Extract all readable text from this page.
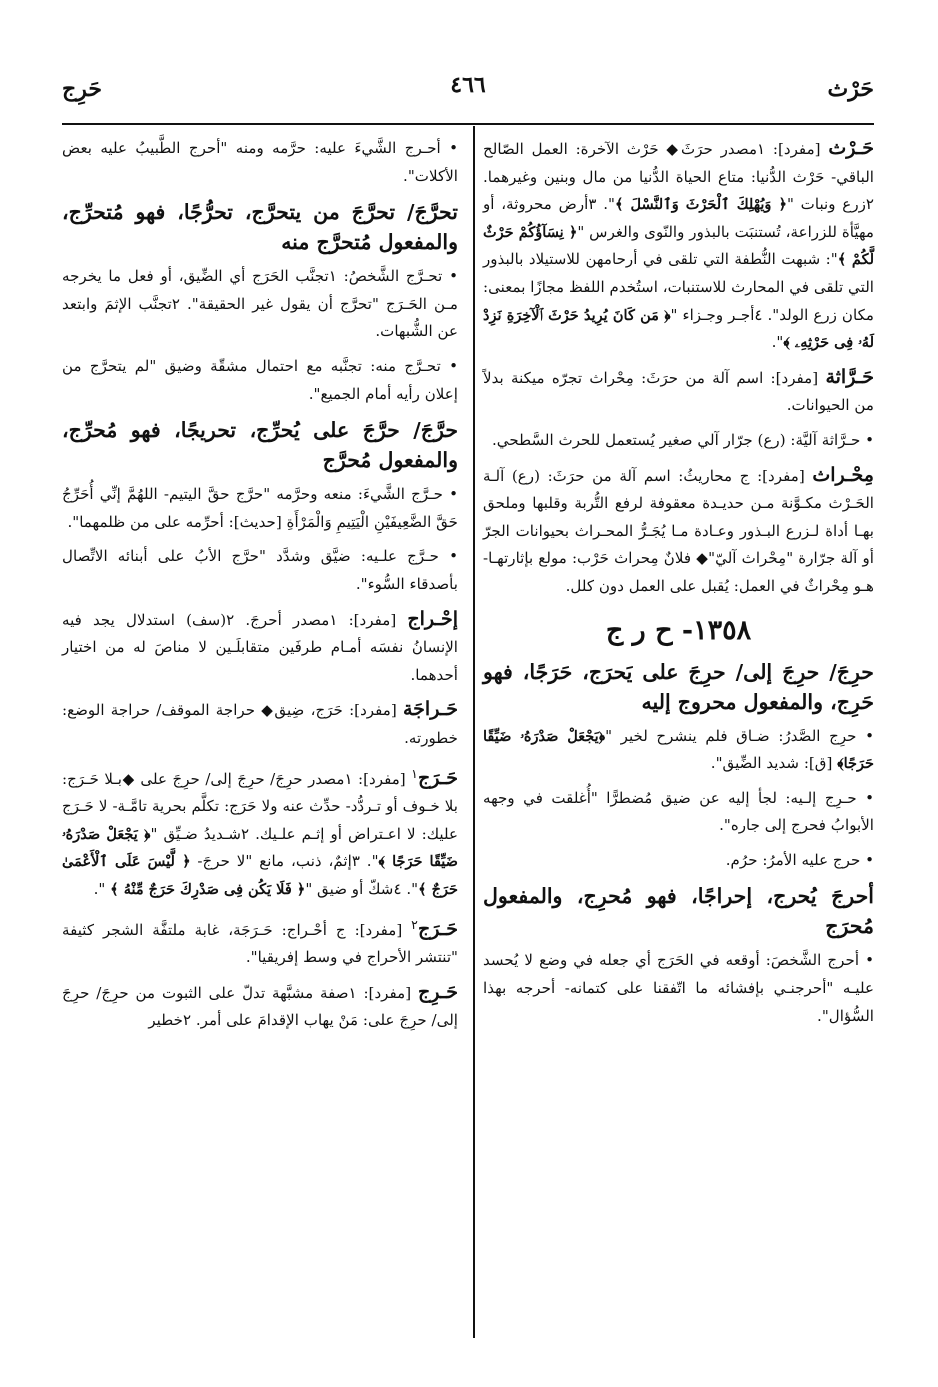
حَرْث
٤٦٦
حَرِج
حَـرْث [مفرد]: ١مصدر حرَثَ◆ حَرْث الآخرة: العمل الصّالح الباقي- حَرْث الدُّنيا: متاع الحياة الدُّنيا من مال وبنين وغيرهما. ٢زرع ونبات "﴿ وَيُهْلِكَ ٱلْحَرْثَ وَٱلنَّسْلَ ﴾". ٣أرض محروثة، أو مهيَّأة للزراعة، تُستنبَت بالبذور والنّوى والغرس "﴿ نِسَآؤُكُمْ حَرْثٌ لَّكُمْ ﴾": شبهت النُّطفة التي تلقى في أرحامهن للاستيلاد بالبذور التي تلقى في المحارث للاستنبات، استُخدم اللفظ مجازًا بمعنى: مكان زرع الولد". ٤أجـر وجـزاء "﴿ مَن كَانَ يُرِيدُ حَرْثَ ٱلْآخِرَةِ نَزِدْ لَهُۥ فِى حَرْثِهِۦ ﴾".
حَـرَّاثة [مفرد]: اسم آلة من حرَثَ: مِحْراث تجرّه ميكنة بدلاً من الحيوانات.
• حـرَّاثة آليَّة: (رع) جرّار آلي صغير يُستعمل للحرث السَّطحي.
مِحْـراث [مفرد]: ج محاريثُ: اسم آلة من حرَثَ: (رع) آلـة الحَـرْث مكـوَّنة مـن حديـدة معقوفة لرفع التُّربة وقلبها وملحق بهـا أداة لـزرع البـذور وعـادة مـا يُجَـرُّ المحـراث بحيوانات الجرّ أو آلة جرّارة "مِحْراث آليّ"◆ فلانٌ مِحراث حَرْب: مولع بإثارتهـا- هـو مِحْراثٌ في العمل: يُقبل على العمل دون كلل.
١٣٥٨- ح ر ج
حرِجَ/ حرِجَ إلى/ حرِجَ على يَحرَج، حَرَجًا، فهو حَرِج، والمفعول محروج إليه
• حرِج الصَّدرُ: ضـاق فلم ينشرح لخير "﴿يَجْعَلْ صَدْرَهُۥ ضَيِّقًا حَرَجًا﴾ [ق]: شديد الضِّيق".
• حـرِج إلـيه: لجأ إليه عن ضيق مُضطرًّا "أُغلقت في وجهه الأبوابُ فحرج إلى جاره".
• حرج عليه الأمرُ: حرُم.
أحرجَ يُحرج، إحراجًا، فهو مُحرِج، والمفعول مُحرَج
• أحرج الشَّخصَ: أوقعه في الحَرَج أي جعله في وضع لا يُحسد عليـه "أحرجنـي بإفشائه ما اتّفقنا على كتمانه- أحرجه بهذا السُّؤال".
• أحـرج الشَّيءَ عليه: حرَّمه ومنه "أحرج الطَّبيبُ عليه بعض الأكلات".
تحرَّجَ/ تحرَّجَ من يتحرَّج، تحرُّجًا، فهو مُتحرِّج، والمفعول مُتحرَّج منه
• تحـرَّج الشَّخصُ: ١تجنَّب الحَرَج أي الضِّيق، أو فعل ما يخرجه مـن الحَـرَج "تحرَّج أن يقول غير الحقيقة". ٢تجنَّب الإثمَ وابتعد عن الشُّبهات.
• تحـرَّج منه: تجنَّبه مع احتمال مشقّة وضيق "لم يتحرَّج من إعلان رأيه أمام الجميع".
حرَّجَ/ حرَّجَ على يُحرِّج، تحريجًا، فهو مُحرِّج، والمفعول مُحرَّج
• حـرَّج الشَّيءَ: منعه وحرَّمه "حرَّج حقَّ اليتيم- اللهُمَّ إنِّي أُحَرِّجُ حَقَّ الضَّعِيفَيْنِ الْيَتِيمِ وَالْمَرْأَةِ [حديث]: أحرِّمه على من ظلمهما".
• حـرَّج علـيه: ضيَّق وشدَّد "حرَّج الأبُ على أبنائه الاتِّصال بأصدقاء السُّوء".
إحْـراج [مفرد]: ١مصدر أحرجَ. ٢(سف) استدلال يجد فيه الإنسانُ نفسَه أمـام طرفَين متقابلَـين لا مناصَ له من اختيار أحدهما.
حَـراجَة [مفرد]: حَرَج، ضِيق◆ حراجة الموقف/ حراجة الوضع: خطورته.
حَـرَج$^١$ [مفرد]: ١مصدر حرِجَ/ حرِجَ إلى/ حرِجَ على ◆بـلا حَـرَج: بلا خـوف أو تـردُّد- حدِّث عنه ولا حَرَج: تكلَّم بحرية تامَّـة- لا حَـرَج عليك: لا اعـتراض أو إثـم علـيك. ٢شـديدُ ضـيِّق "﴿ يَجْعَلْ صَدْرَهُۥ ضَيِّقًا حَرَجًا ﴾". ٣إثمٌ، ذنب، مانع "لا حرجَ- ﴿ لَّيْسَ عَلَى ٱلْأَعْمَىٰ حَرَجٌ ﴾". ٤شكّ أو ضيق "﴿ فَلَا يَكُن فِى صَدْرِكَ حَرَجٌ مِّنْهُ ﴾ ".
حَـرَج$^٢$ [مفرد]: ج أحْـراج: حَـرَجَة، غابة ملتفَّة الشجر كثيفة "تنتشر الأحراج في وسط إفريقيا".
حَـرِج [مفرد]: ١صفة مشبَّهة تدلّ على الثبوت من حرِجَ/ حرِجَ إلى/ حرِجَ على: مَنْ يهاب الإقدامَ على أمر. ٢خطير
